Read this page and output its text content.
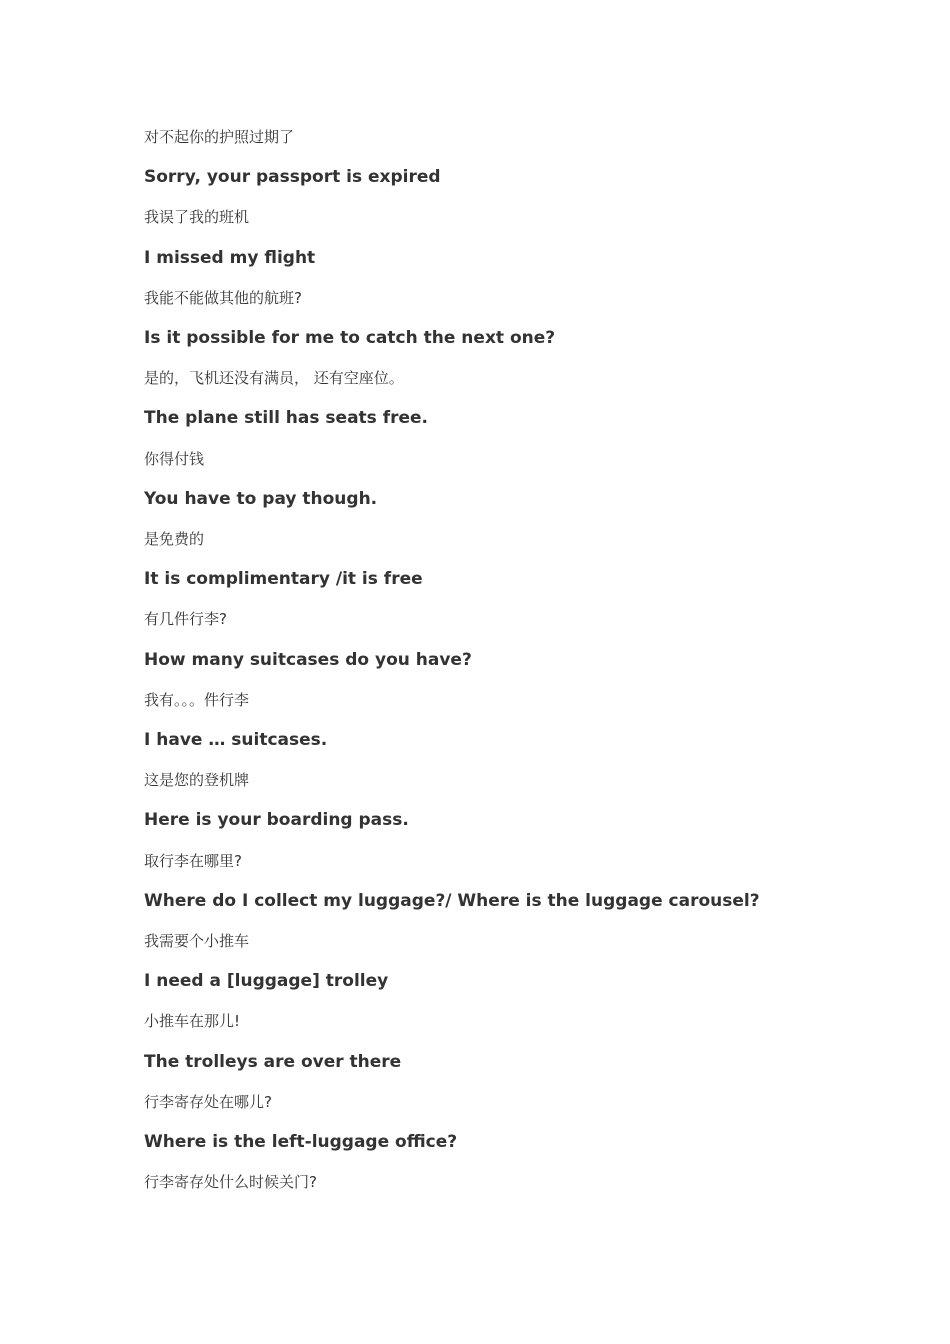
对不起你的护照过期了
Sorry, your passport is expired
我误了我的班机
I missed my flight
我能不能做其他的航班?
Is it possible for me to catch the next one?
是的，飞机还没有满员， 还有空座位。
The plane still has seats free.
你得付钱
You have to pay though.
是免费的
It is complimentary /it is free
有几件行李?
How many suitcases do you have?
我有。。。件行李
I have … suitcases.
这是您的登机牌
Here is your boarding pass.
取行李在哪里?
Where do I collect my luggage?/ Where is the luggage carousel?
我需要个小推车
I need a [luggage] trolley
小推车在那儿!
The trolleys are over there
行李寄存处在哪儿?
Where is the left-luggage office?
行李寄存处什么时候关门?
